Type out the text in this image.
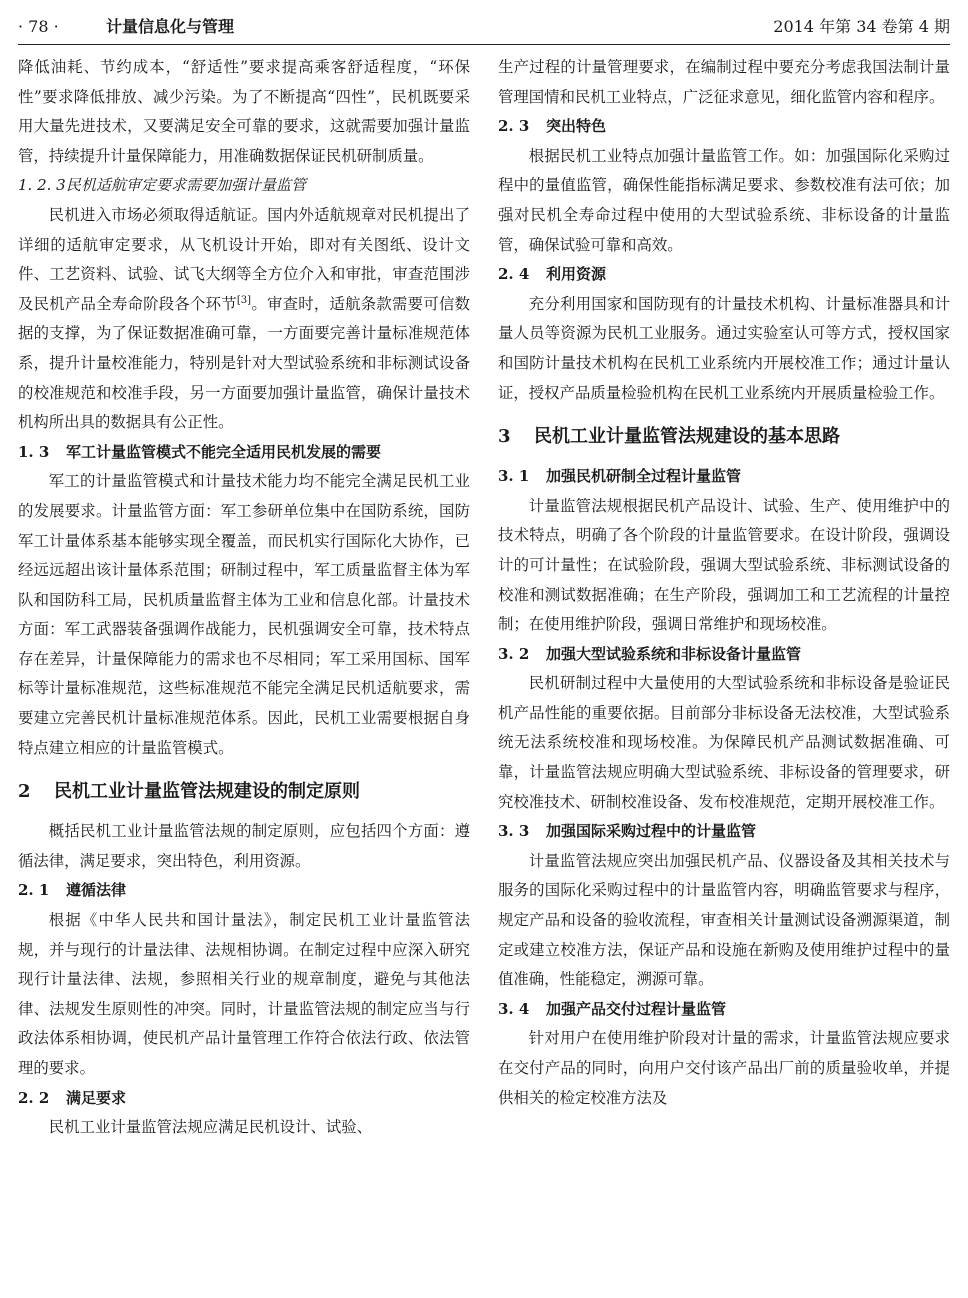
· 78 ·	计量信息化与管理	2014 年第 34 卷第 4 期

降低油耗、节约成本，“舒适性”要求提高乘客舒适程度，“环保性”要求降低排放、减少污染。为了不断提高“四性”，民机既要采用大量先进技术，又要满足安全可靠的要求，这就需要加强计量监管，持续提升计量保障能力，用准确数据保证民机研制质量。

1. 2. 3民机适航审定要求需要加强计量监管

民机进入市场必须取得适航证。国内外适航规章对民机提出了详细的适航审定要求，从飞机设计开始，即对有关图纸、设计文件、工艺资料、试验、试飞大纲等全方位介入和审批，审查范围涉及民机产品全寿命阶段各个环节[3]。审查时，适航条款需要可信数据的支撑，为了保证数据准确可靠，一方面要完善计量标准规范体系，提升计量校准能力，特别是针对大型试验系统和非标测试设备的校准规范和校准手段，另一方面要加强计量监管，确保计量技术机构所出具的数据具有公正性。

1. 3 军工计量监管模式不能完全适用民机发展的需要

军工的计量监管模式和计量技术能力均不能完全满足民机工业的发展要求。计量监管方面：军工参研单位集中在国防系统，国防军工计量体系基本能够实现全覆盖，而民机实行国际化大协作，已经远远超出该计量体系范围；研制过程中，军工质量监督主体为军队和国防科工局，民机质量监督主体为工业和信息化部。计量技术方面：军工武器装备强调作战能力，民机强调安全可靠，技术特点存在差异，计量保障能力的需求也不尽相同；军工采用国标、国军标等计量标准规范，这些标准规范不能完全满足民机适航要求，需要建立完善民机计量标准规范体系。因此，民机工业需要根据自身特点建立相应的计量监管模式。

2 民机工业计量监管法规建设的制定原则

概括民机工业计量监管法规的制定原则，应包括四个方面：遵循法律，满足要求，突出特色，利用资源。

2. 1 遵循法律

根据《中华人民共和国计量法》，制定民机工业计量监管法规，并与现行的计量法律、法规相协调。在制定过程中应深入研究现行计量法律、法规，参照相关行业的规章制度，避免与其他法律、法规发生原则性的冲突。同时，计量监管法规的制定应当与行政法体系相协调，使民机产品计量管理工作符合依法行政、依法管理的要求。

2. 2 满足要求

民机工业计量监管法规应满足民机设计、试验、

生产过程的计量管理要求，在编制过程中要充分考虑我国法制计量管理国情和民机工业特点，广泛征求意见，细化监管内容和程序。

2. 3 突出特色

根据民机工业特点加强计量监管工作。如：加强国际化采购过程中的量值监管，确保性能指标满足要求、参数校准有法可依；加强对民机全寿命过程中使用的大型试验系统、非标设备的计量监管，确保试验可靠和高效。

2. 4 利用资源

充分利用国家和国防现有的计量技术机构、计量标准器具和计量人员等资源为民机工业服务。通过实验室认可等方式，授权国家和国防计量技术机构在民机工业系统内开展校准工作；通过计量认证，授权产品质量检验机构在民机工业系统内开展质量检验工作。

3 民机工业计量监管法规建设的基本思路
3. 1 加强民机研制全过程计量监管

计量监管法规根据民机产品设计、试验、生产、使用维护中的技术特点，明确了各个阶段的计量监管要求。在设计阶段，强调设计的可计量性；在试验阶段，强调大型试验系统、非标测试设备的校准和测试数据准确；在生产阶段，强调加工和工艺流程的计量控制；在使用维护阶段，强调日常维护和现场校准。

3. 2 加强大型试验系统和非标设备计量监管

民机研制过程中大量使用的大型试验系统和非标设备是验证民机产品性能的重要依据。目前部分非标设备无法校准，大型试验系统无法系统校准和现场校准。为保障民机产品测试数据准确、可靠，计量监管法规应明确大型试验系统、非标设备的管理要求，研究校准技术、研制校准设备、发布校准规范，定期开展校准工作。

3. 3 加强国际采购过程中的计量监管

计量监管法规应突出加强民机产品、仪器设备及其相关技术与服务的国际化采购过程中的计量监管内容，明确监管要求与程序，规定产品和设备的验收流程，审查相关计量测试设备溯源渠道，制定或建立校准方法，保证产品和设施在新购及使用维护过程中的量值准确，性能稳定，溯源可靠。

3. 4 加强产品交付过程计量监管

针对用户在使用维护阶段对计量的需求，计量监管法规应要求在交付产品的同时，向用户交付该产品出厂前的质量验收单，并提供相关的检定校准方法及
